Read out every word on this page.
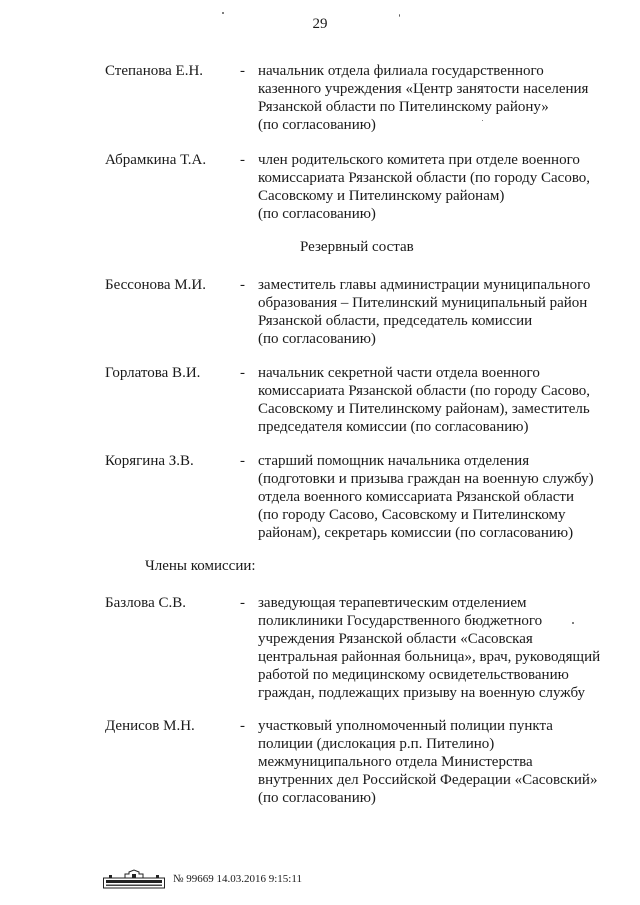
29
Степанова Е.Н. - начальник отдела филиала государственного
казенного учреждения «Центр занятости населения
Рязанской области по Пителинскому району»
(по согласованию)
Абрамкина Т.А. - член родительского комитета при отделе военного
комиссариата Рязанской области (по городу Сасово,
Сасовскому и Пителинскому районам)
(по согласованию)
Резервный состав
Бессонова М.И. - заместитель главы администрации муниципального
образования – Пителинский муниципальный район
Рязанской области, председатель комиссии
(по согласованию)
Горлатова В.И.	- начальник секретной части отдела военного
комиссариата Рязанской области (по городу Сасово,
Сасовскому и Пителинскому районам), заместитель
председателя комиссии (по согласованию)
Корягина З.В.	- старший помощник начальника отделения
(подготовки и призыва граждан на военную службу)
отдела военного комиссариата Рязанской области
(по городу Сасово, Сасовскому и Пителинскому
районам), секретарь комиссии (по согласованию)
Члены комиссии:
Базлова С.В.	- заведующая терапевтическим отделением
поликлиники Государственного бюджетного
учреждения Рязанской области «Сасовская
центральная районная больница», врач, руководящий
работой по медицинскому освидетельствованию
граждан, подлежащих призыву на военную службу
Денисов М.Н.	- участковый уполномоченный полиции пункта
полиции (дислокация р.п. Пителино)
межмуниципального отдела Министерства
внутренних дел Российской Федерации «Сасовский»
(по согласованию)
№ 99669 14.03.2016 9:15:11
